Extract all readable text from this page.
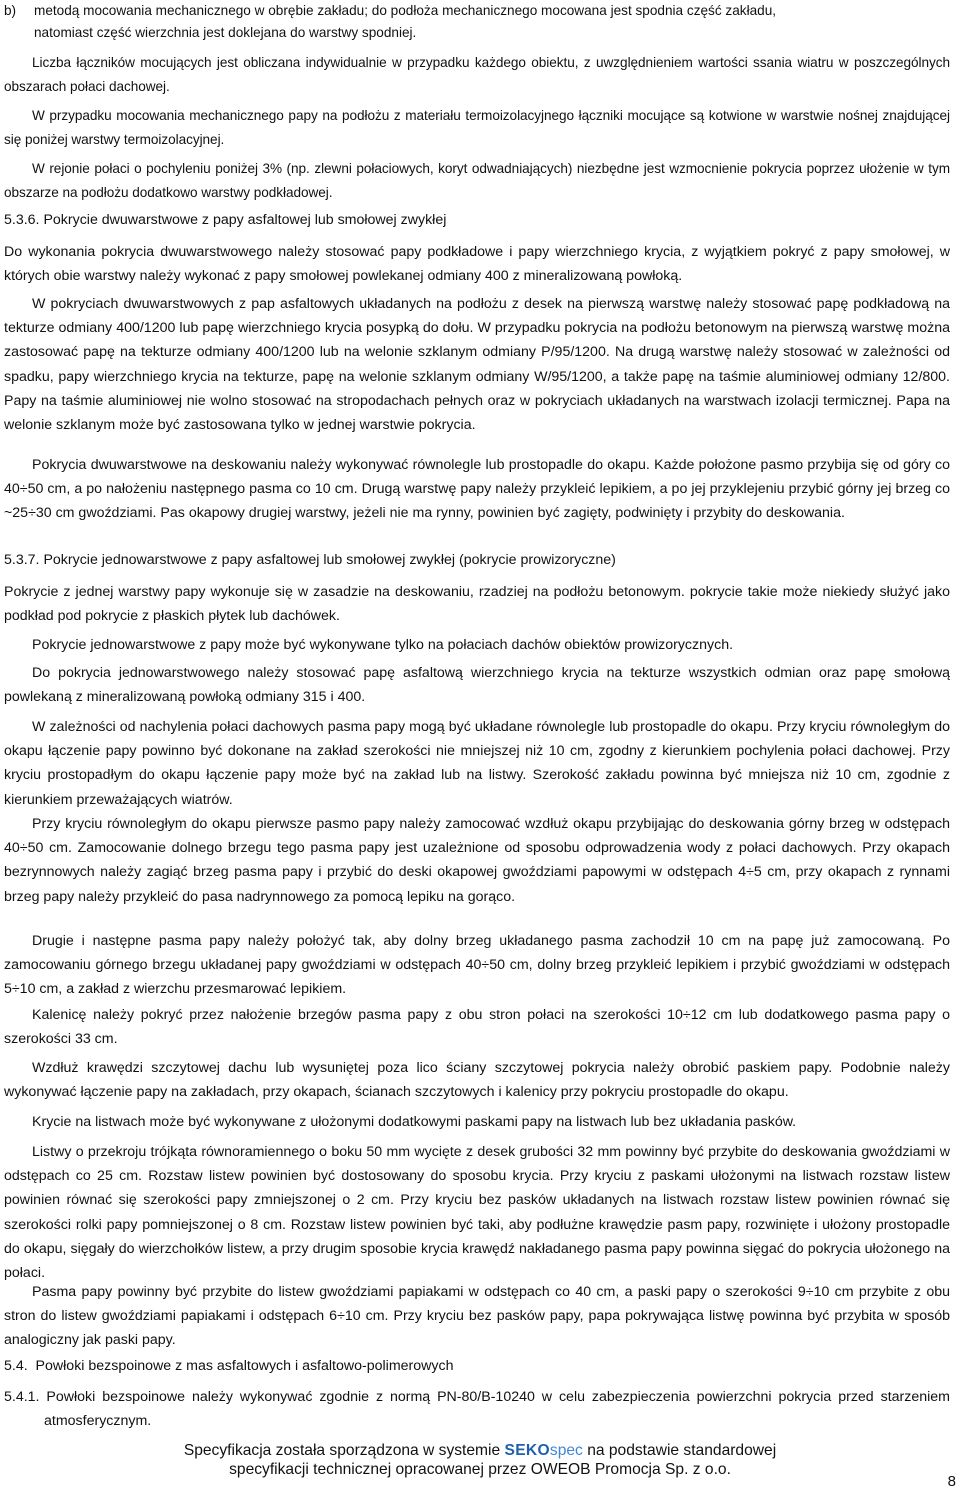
b) metodą mocowania mechanicznego w obrębie zakładu; do podłoża mechanicznego mocowana jest spodnia część zakładu,
natomiast część wierzchnia jest doklejana do warstwy spodniej.

Liczba łączników mocujących jest obliczana indywidualnie w przypadku każdego obiektu, z uwzględnieniem wartości ssania wiatru w poszczególnych obszarach połaci dachowej.

W przypadku mocowania mechanicznego papy na podłożu z materiału termoizolacyjnego łączniki mocujące są kotwione w warstwie nośnej znajdującej się poniżej warstwy termoizolacyjnej.

W rejonie połaci o pochyleniu poniżej 3% (np. zlewni połaciowych, koryt odwadniających) niezbędne jest wzmocnienie pokrycia poprzez ułożenie w tym obszarze na podłożu dodatkowo warstwy podkładowej.

5.3.6. Pokrycie dwuwarstwowe z papy asfaltowej lub smołowej zwykłej

Do wykonania pokrycia dwuwarstwowego należy stosować papy podkładowe i papy wierzchniego krycia, z wyjątkiem pokryć z papy smołowej, w których obie warstwy należy wykonać z papy smołowej powlekanej odmiany 400 z mineralizowaną powłoką.

W pokryciach dwuwarstwowych z pap asfaltowych układanych na podłożu z desek na pierwszą warstwę należy stosować papę podkładową na tekturze odmiany 400/1200 lub papę wierzchniego krycia posypką do dołu. W przypadku pokrycia na podłożu betonowym na pierwszą warstwę można zastosować papę na tekturze odmiany 400/1200 lub na welonie szklanym odmiany P/95/1200. Na drugą warstwę należy stosować w zależności od spadku, papy wierzchniego krycia na tekturze, papę na welonie szklanym odmiany W/95/1200, a także papę na taśmie aluminiowej odmiany 12/800. Papy na taśmie aluminiowej nie wolno stosować na stropodachach pełnych oraz w pokryciach układanych na warstwach izolacji termicznej. Papa na welonie szklanym może być zastosowana tylko w jednej warstwie pokrycia.

Pokrycia dwuwarstwowe na deskowaniu należy wykonywać równolegle lub prostopadle do okapu. Każde położone pasmo przybija się od góry co 40÷50 cm, a po nałożeniu następnego pasma co 10 cm. Drugą warstwę papy należy przykleić lepikiem, a po jej przyklejeniu przybić górny jej brzeg co ~25÷30 cm gwoździami. Pas okapowy drugiej warstwy, jeżeli nie ma rynny, powinien być zagięty, podwinięty i przybity do deskowania.

5.3.7. Pokrycie jednowarstwowe z papy asfaltowej lub smołowej zwykłej (pokrycie prowizoryczne)

Pokrycie z jednej warstwy papy wykonuje się w zasadzie na deskowaniu, rzadziej na podłożu betonowym. pokrycie takie może niekiedy służyć jako podkład pod pokrycie z płaskich płytek lub dachówek.

Pokrycie jednowarstwowe z papy może być wykonywane tylko na połaciach dachów obiektów prowizorycznych.

Do pokrycia jednowarstwowego należy stosować papę asfaltową wierzchniego krycia na tekturze wszystkich odmian oraz papę smołową powlekaną z mineralizowaną powłoką odmiany 315 i 400.

W zależności od nachylenia połaci dachowych pasma papy mogą być układane równolegle lub prostopadle do okapu. Przy kryciu równoległym do okapu łączenie papy powinno być dokonane na zakład szerokości nie mniejszej niż 10 cm, zgodny z kierunkiem pochylenia połaci dachowej. Przy kryciu prostopadłym do okapu łączenie papy może być na zakład lub na listwy. Szerokość zakładu powinna być mniejsza niż 10 cm, zgodnie z kierunkiem przeważających wiatrów.

Przy kryciu równoległym do okapu pierwsze pasmo papy należy zamocować wzdłuż okapu przybijając do deskowania górny brzeg w odstępach 40÷50 cm. Zamocowanie dolnego brzegu tego pasma papy jest uzależnione od sposobu odprowadzenia wody z połaci dachowych. Przy okapach bezrynnowych należy zagiąć brzeg pasma papy i przybić do deski okapowej gwoździami papowymi w odstępach 4÷5 cm, przy okapach z rynnami brzeg papy należy przykleić do pasa nadrynnowego za pomocą lepiku na gorąco.

Drugie i następne pasma papy należy położyć tak, aby dolny brzeg układanego pasma zachodził 10 cm na papę już zamocowaną. Po zamocowaniu górnego brzegu układanej papy gwoździami w odstępach 40÷50 cm, dolny brzeg przykleić lepikiem i przybić gwoździami w odstępach 5÷10 cm, a zakład z wierzchu przesmarować lepikiem.

Kalenicę należy pokryć przez nałożenie brzegów pasma papy z obu stron połaci na szerokości 10÷12 cm lub dodatkowego pasma papy o szerokości 33 cm.

Wzdłuż krawędzi szczytowej dachu lub wysuniętej poza lico ściany szczytowej pokrycia należy obrobić paskiem papy. Podobnie należy wykonywać łączenie papy na zakładach, przy okapach, ścianach szczytowych i kalenicy przy pokryciu prostopadle do okapu.

Krycie na listwach może być wykonywane z ułożonymi dodatkowymi paskami papy na listwach lub bez układania pasków.

Listwy o przekroju trójkąta równoramiennego o boku 50 mm wycięte z desek grubości 32 mm powinny być przybite do deskowania gwoździami w odstępach co 25 cm. Rozstaw listew powinien być dostosowany do sposobu krycia. Przy kryciu z paskami ułożonymi na listwach rozstaw listew powinien równać się szerokości papy zmniejszonej o 2 cm. Przy kryciu bez pasków układanych na listwach rozstaw listew powinien równać się szerokości rolki papy pomniejszonej o 8 cm. Rozstaw listew powinien być taki, aby podłużne krawędzie pasm papy, rozwinięte i ułożony prostopadle do okapu, sięgały do wierzchołków listew, a przy drugim sposobie krycia krawędź nakładanego pasma papy powinna sięgać do pokrycia ułożonego na połaci.

Pasma papy powinny być przybite do listew gwoździami papiakami w odstępach co 40 cm, a paski papy o szerokości 9÷10 cm przybite z obu stron do listew gwoździami papiakami i odstępach 6÷10 cm. Przy kryciu bez pasków papy, papa pokrywająca listwę powinna być przybita w sposób analogiczny jak paski papy.

5.4.  Powłoki bezspoinowe z mas asfaltowych i asfaltowo-polimerowych

5.4.1. Powłoki bezspoinowe należy wykonywać zgodnie z normą PN-80/B-10240 w celu zabezpieczenia powierzchni pokrycia przed starzeniem atmosferycznym.

Specyfikacja została sporządzona w systemie SEKOspec na podstawie standardowej
specyfikacji technicznej opracowanej przez OWEOB Promocja Sp. z o.o.
8
